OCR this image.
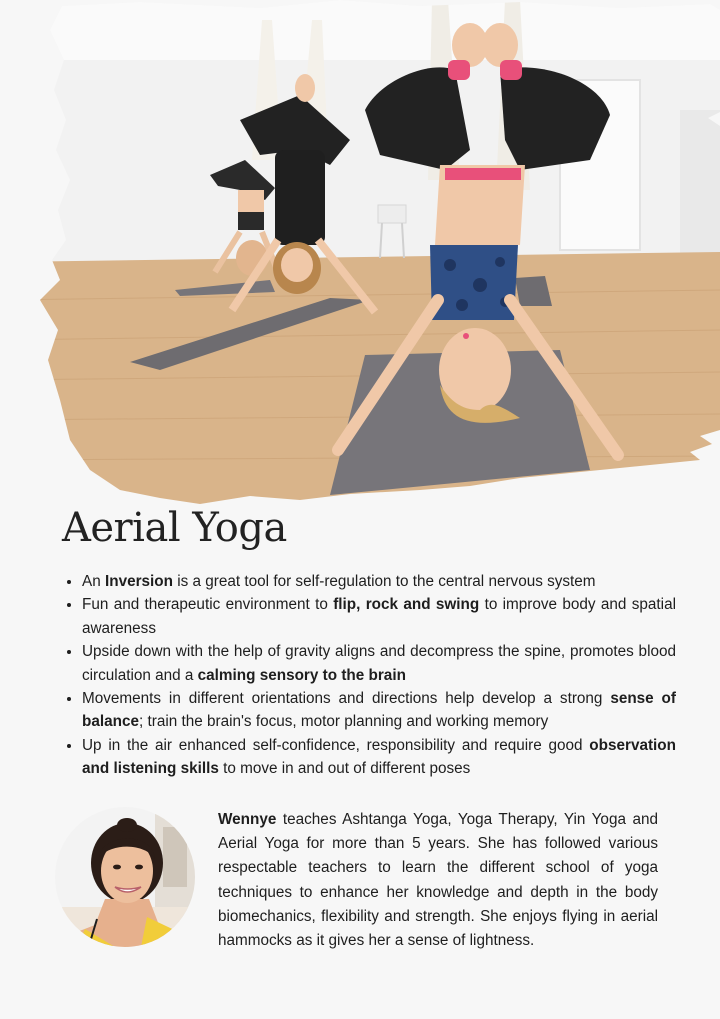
Aerial Yoga
• An Inversion is a great tool for self-regulation to the central nervous system
• Fun and therapeutic environment to flip, rock and swing to improve body and spatial awareness
• Upside down with the help of gravity aligns and decompress the spine, promotes blood circulation and a calming sensory to the brain
• Movements in different orientations and directions help develop a strong sense of balance; train the brain's focus, motor planning and working memory
• Up in the air enhanced self-confidence, responsibility and require good observation and listening skills to move in and out of different poses

Wennye teaches Ashtanga Yoga, Yoga Therapy, Yin Yoga and Aerial Yoga for more than 5 years. She has followed various respectable teachers to learn the different school of yoga techniques to enhance her knowledge and depth in the body biomechanics, flexibility and strength. She enjoys flying in aerial hammocks as it gives her a sense of lightness.
